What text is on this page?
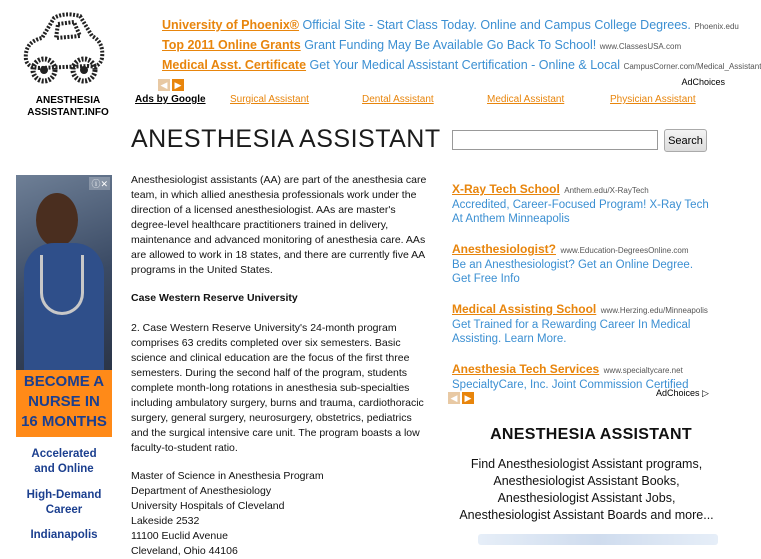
ANESTHESIA
ASSISTANT.INFO
University of Phoenix® Official Site - Start Class Today. Online and Campus College Degrees. Phoenix.edu
Top 2011 Online Grants Grant Funding May Be Available Go Back To School! www.ClassesUSA.com
Medical Asst. Certificate Get Your Medical Assistant Certification - Online & Local CampusCorner.com/Medical_Assistant
◀ ▶	AdChoices
Ads by Google Surgical Assistant	Dental Assistant	Medical Assistant	Physician Assistant
ANESTHESIA ASSISTANT	Search
ⓘ✕
BECOME A
NURSE IN
16 MONTHS
Accelerated
and Online
High-Demand
Career
Indianapolis

Anesthesiologist assistants (AA) are part of the anesthesia care team, in which allied anesthesia professionals work under the direction of a licensed anesthesiologist. AAs are master's degree-level healthcare practitioners trained in delivery, maintenance and advanced monitoring of anesthesia care. AAs are allowed to work in 18 states, and there are currently five AA programs in the United States.

Case Western Reserve University

2. Case Western Reserve University's 24-month program comprises 63 credits completed over six semesters. Basic science and clinical education are the focus of the first three semesters. During the second half of the program, students complete month-long rotations in anesthesia sub-specialties including ambulatory surgery, burns and trauma, cardiothoracic surgery, general surgery, neurosurgery, obstetrics, pediatrics and the surgical intensive care unit. The program boasts a low faculty-to-student ratio.

Master of Science in Anesthesia Program
Department of Anesthesiology
University Hospitals of Cleveland
Lakeside 2532
11100 Euclid Avenue
Cleveland, Ohio 44106
X-Ray Tech School Anthem.edu/X-RayTech
Accredited, Career-Focused Program! X-Ray Tech At Anthem Minneapolis
Anesthesiologist? www.Education-DegreesOnline.com
Be an Anesthesiologist? Get an Online Degree. Get Free Info
Medical Assisting School www.Herzing.edu/Minneapolis
Get Trained for a Rewarding Career In Medical Assisting. Learn More.
Anesthesia Tech Services www.specialtycare.net
SpecialtyCare, Inc. Joint Commission Certified
◀ ▶	AdChoices ▷
ANESTHESIA ASSISTANT
Find Anesthesiologist Assistant programs,
Anesthesiologist Assistant Books,
Anesthesiologist Assistant Jobs,
Anesthesiologist Assistant Boards and more...
